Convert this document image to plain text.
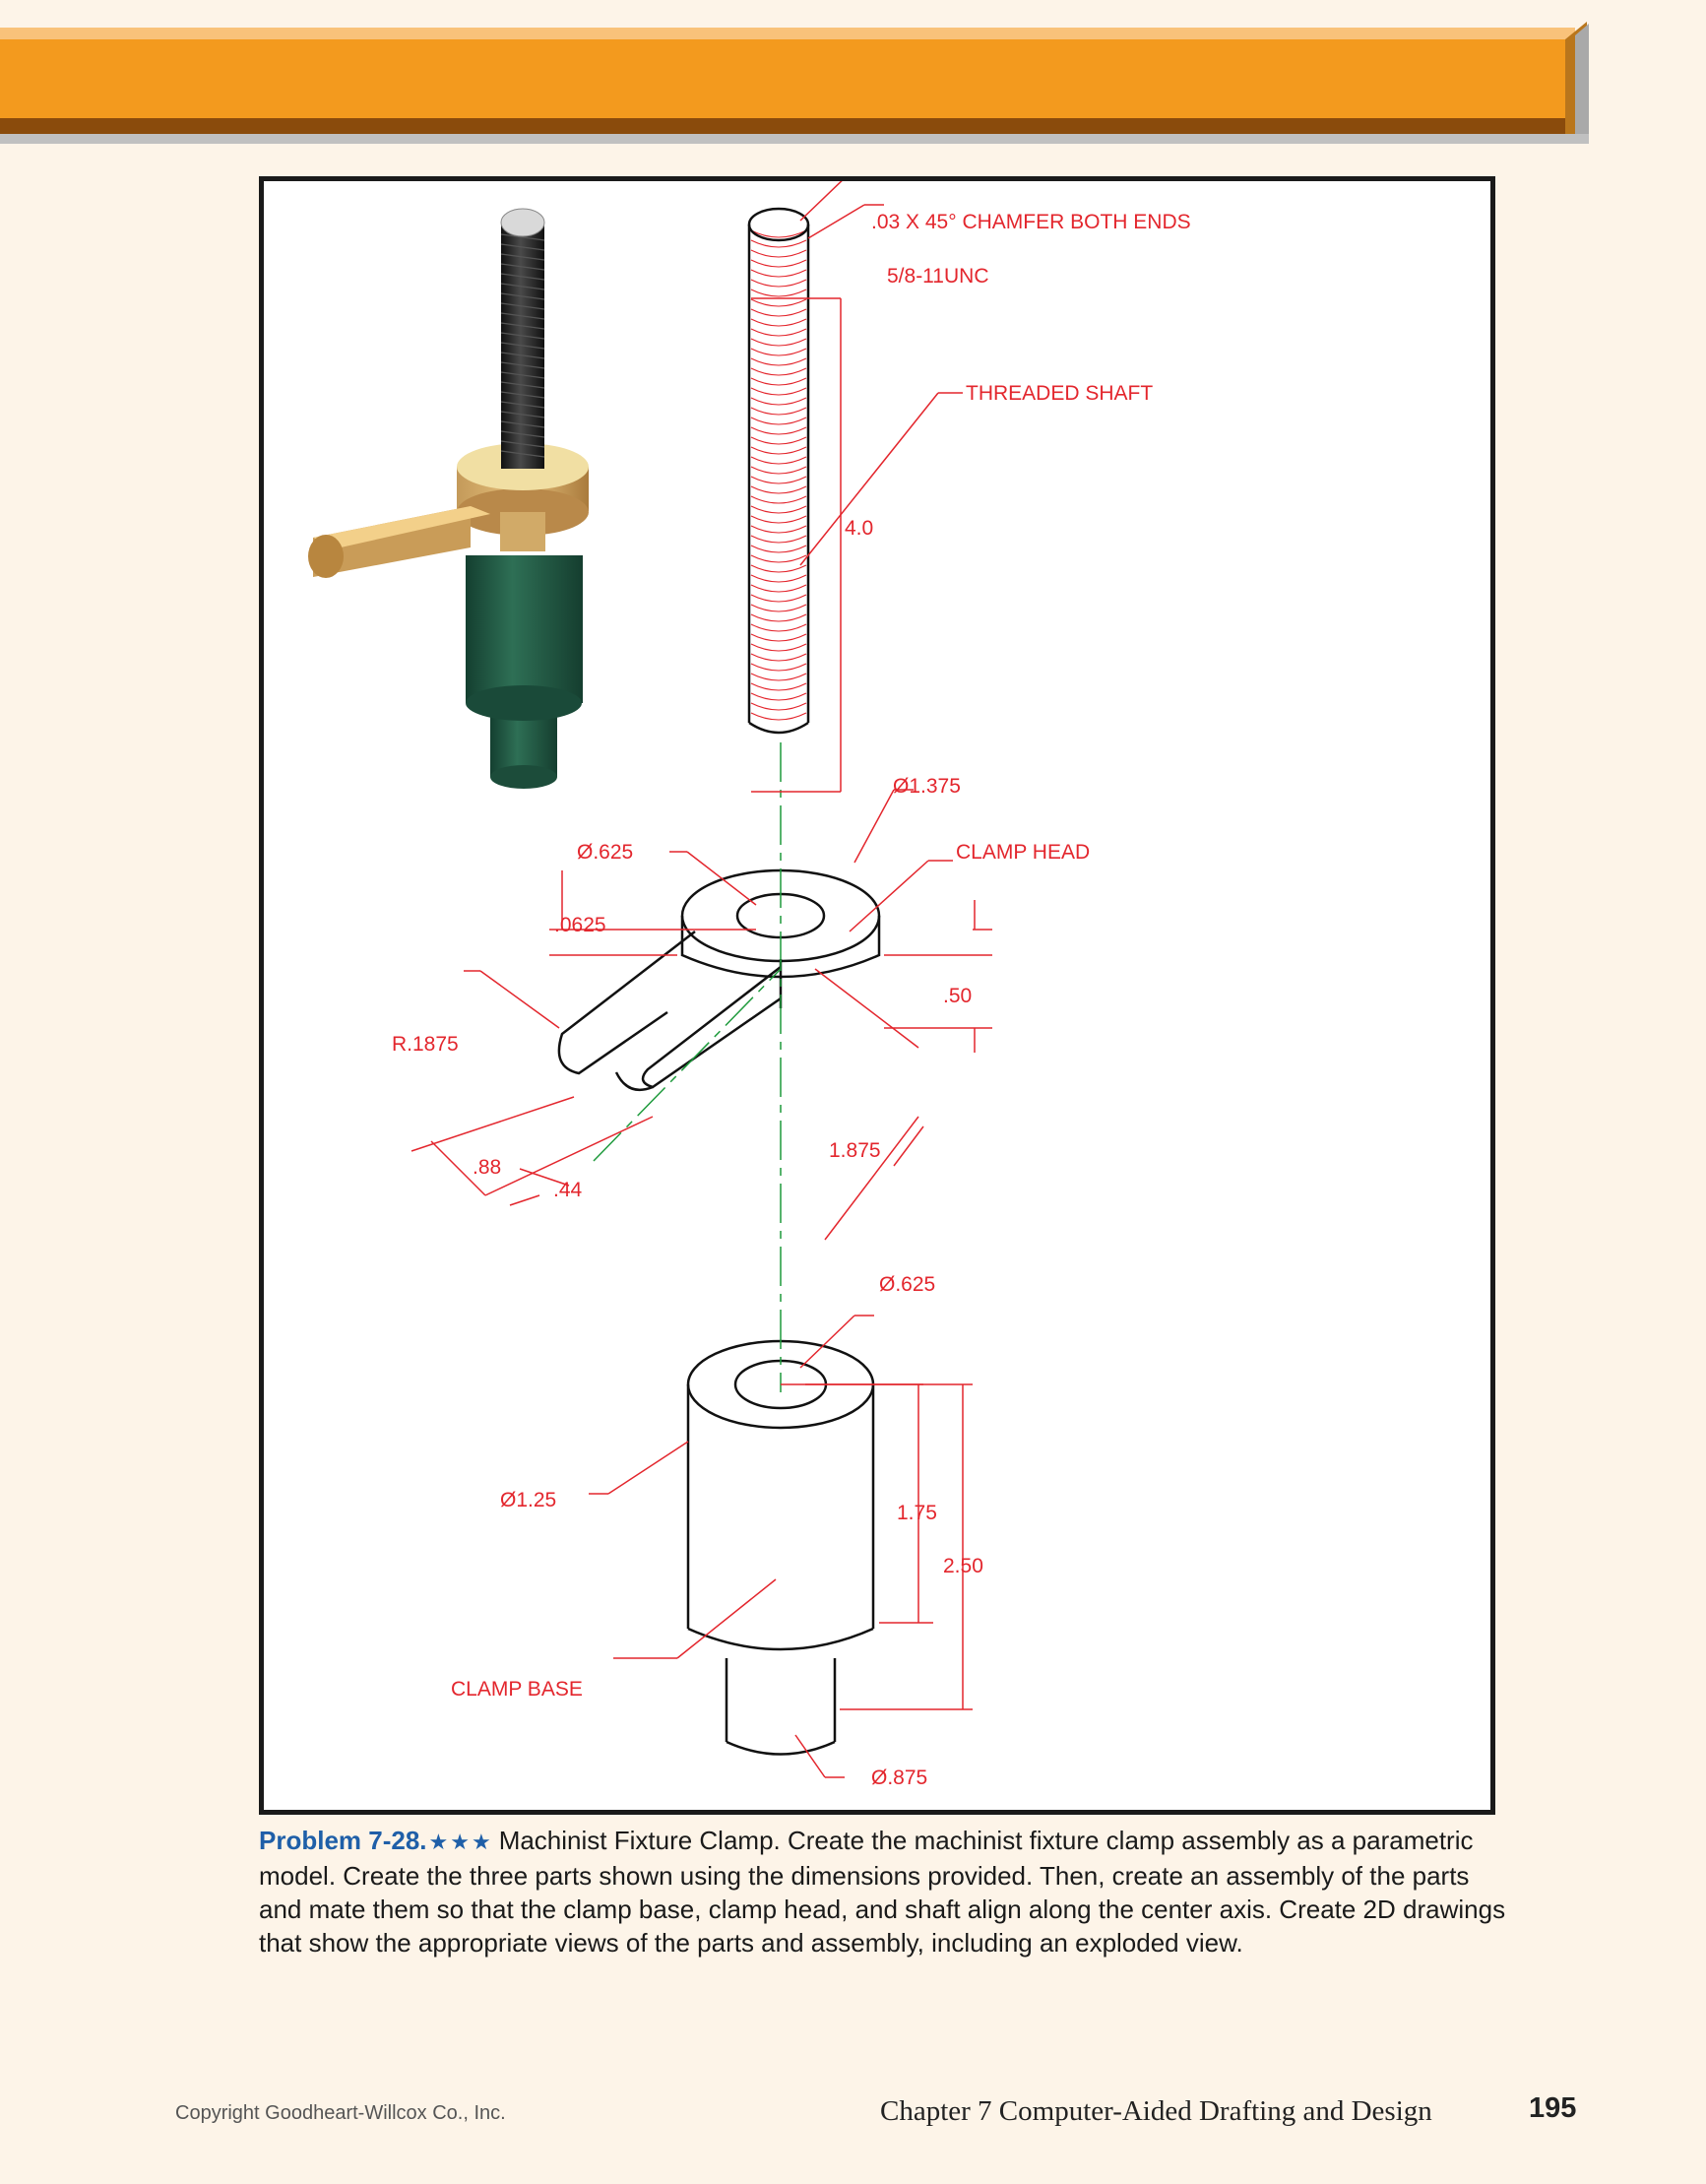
.03 X 45° CHAMFER BOTH ENDS
5/8-11UNC
THREADED SHAFT
4.0
Ø1.375
Ø.625	CLAMP HEAD
.0625
.50
R.1875
1.875
.88
.44
Ø.625
Ø1.25
1.75
2.50
CLAMP BASE
Ø.875
Problem 7-28.★★★ Machinist Fixture Clamp. Create the machinist fixture clamp assembly as a parametric model. Create the three parts shown using the dimensions provided. Then, create an assembly of the parts and mate them so that the clamp base, clamp head, and shaft align along the center axis. Create 2D drawings that show the appropriate views of the parts and assembly, including an exploded view.
Copyright Goodheart-Willcox Co., Inc.	Chapter 7 Computer-Aided Drafting and Design	195
